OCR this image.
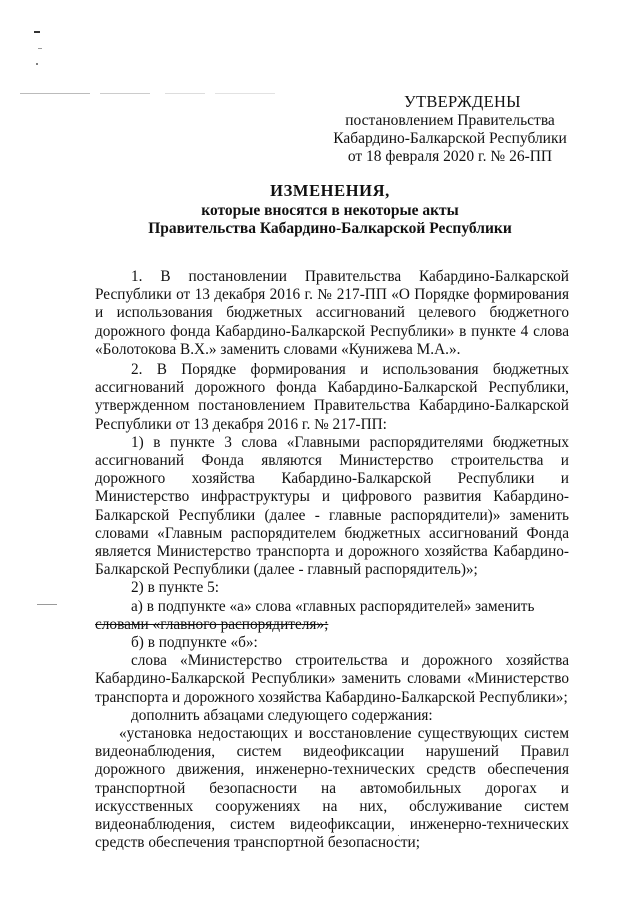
УТВЕРЖДЕНЫ
постановлением Правительства
Кабардино-Балкарской Республики
от 18 февраля 2020 г. № 26-ПП
ИЗМЕНЕНИЯ,
которые вносятся в некоторые акты
Правительства Кабардино-Балкарской Республики

1. В постановлении Правительства Кабардино-Балкарской Республики от 13 декабря 2016 г. № 217-ПП «О Порядке формирования и использования бюджетных ассигнований целевого бюджетного дорожного фонда Кабардино-Балкарской Республики» в пункте 4 слова «Болотокова В.Х.» заменить словами «Кунижева М.А.».

2. В Порядке формирования и использования бюджетных ассигнований дорожного фонда Кабардино-Балкарской Республики, утвержденном постановлением Правительства Кабардино-Балкарской Республики от 13 декабря 2016 г. № 217-ПП:

1) в пункте 3 слова «Главными распорядителями бюджетных ассигнований Фонда являются Министерство строительства и дорожного хозяйства Кабардино-Балкарской Республики и Министерство инфраструктуры и цифрового развития Кабардино-Балкарской Республики (далее - главные распорядители)» заменить словами «Главным распорядителем бюджетных ассигнований Фонда является Министерство транспорта и дорожного хозяйства Кабардино-Балкарской Республики (далее - главный распорядитель)»;

2) в пункте 5:

а) в подпункте «а» слова «главных распорядителей» заменить

словами «главного распорядителя»;

б) в подпункте «б»:

слова «Министерство строительства и дорожного хозяйства Кабардино-Балкарской Республики» заменить словами «Министерство транспорта и дорожного хозяйства Кабардино-Балкарской Республики»;

дополнить абзацами следующего содержания:

«установка недостающих и восстановление существующих систем видеонаблюдения, систем видеофиксации нарушений Правил дорожного движения, инженерно-технических средств обеспечения транспортной безопасности на автомобильных дорогах и искусственных сооружениях на них, обслуживание систем видеонаблюдения, систем видеофиксации, инженерно-технических средств обеспечения транспортной безопасности;
